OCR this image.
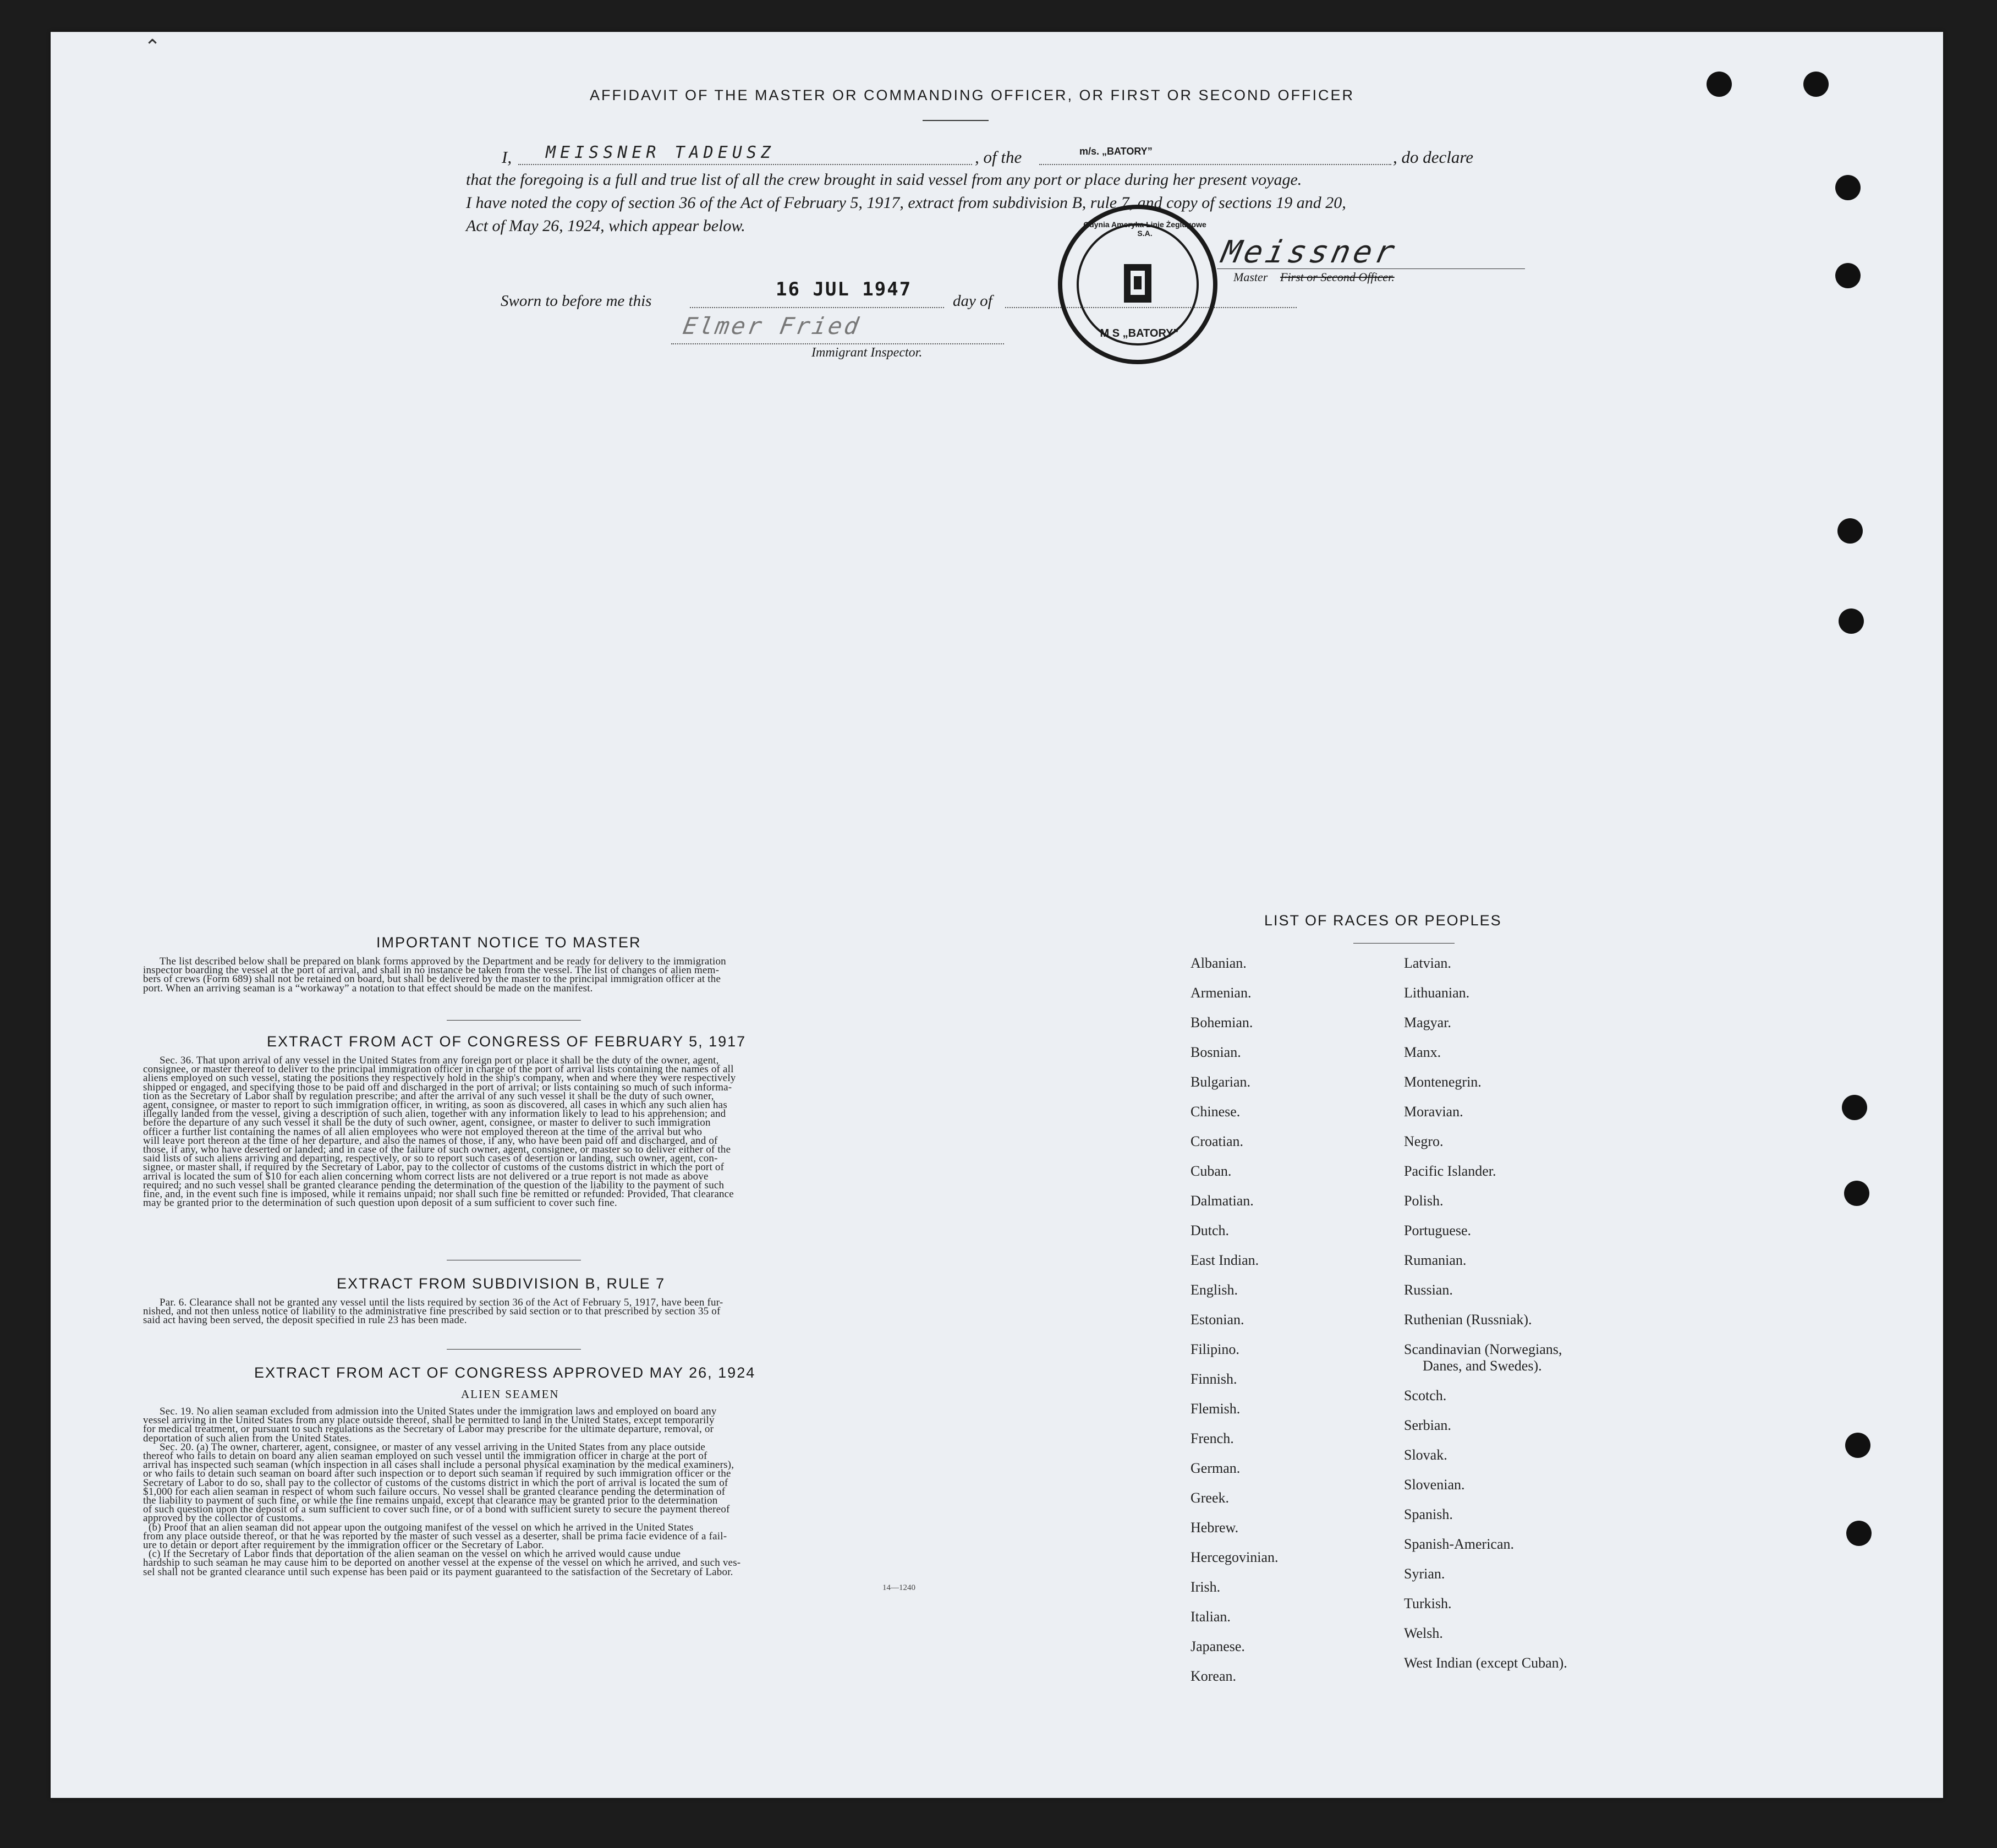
⌃
AFFIDAVIT OF THE MASTER OR COMMANDING OFFICER, OR FIRST OR SECOND OFFICER
I, MEISSNER TADEUSZ	, of the	m/s. „BATORY”	, do declare
that the foregoing is a full and true list of all the crew brought in said vessel from any port or place during her present voyage.
I have noted the copy of section 36 of the Act of February 5, 1917, extract from subdivision B, rule 7, and copy of sections 19 and 20,
Act of May 26, 1924, which appear below.
Meissner
Master First or Second Officer.
Sworn to before me this
16 JUL 1947
day of
Elmer Fried
Immigrant Inspector.
Gdynia Ameryka Linje Żeglugowe S.A.
M S „BATORY”
IMPORTANT NOTICE TO MASTER
The list described below shall be prepared on blank forms approved by the Department and be ready for delivery to the immigration
inspector boarding the vessel at the port of arrival, and shall in no instance be taken from the vessel. The list of changes of alien mem-
bers of crews (Form 689) shall not be retained on board, but shall be delivered by the master to the principal immigration officer at the
port. When an arriving seaman is a “workaway” a notation to that effect should be made on the manifest.
EXTRACT FROM ACT OF CONGRESS OF FEBRUARY 5, 1917
Sec. 36. That upon arrival of any vessel in the United States from any foreign port or place it shall be the duty of the owner, agent,
consignee, or master thereof to deliver to the principal immigration officer in charge of the port of arrival lists containing the names of all
aliens employed on such vessel, stating the positions they respectively hold in the ship's company, when and where they were respectively
shipped or engaged, and specifying those to be paid off and discharged in the port of arrival; or lists containing so much of such informa-
tion as the Secretary of Labor shall by regulation prescribe; and after the arrival of any such vessel it shall be the duty of such owner,
agent, consignee, or master to report to such immigration officer, in writing, as soon as discovered, all cases in which any such alien has
illegally landed from the vessel, giving a description of such alien, together with any information likely to lead to his apprehension; and
before the departure of any such vessel it shall be the duty of such owner, agent, consignee, or master to deliver to such immigration
officer a further list containing the names of all alien employees who were not employed thereon at the time of the arrival but who
will leave port thereon at the time of her departure, and also the names of those, if any, who have been paid off and discharged, and of
those, if any, who have deserted or landed; and in case of the failure of such owner, agent, consignee, or master so to deliver either of the
said lists of such aliens arriving and departing, respectively, or so to report such cases of desertion or landing, such owner, agent, con-
signee, or master shall, if required by the Secretary of Labor, pay to the collector of customs of the customs district in which the port of
arrival is located the sum of $10 for each alien concerning whom correct lists are not delivered or a true report is not made as above
required; and no such vessel shall be granted clearance pending the determination of the question of the liability to the payment of such
fine, and, in the event such fine is imposed, while it remains unpaid; nor shall such fine be remitted or refunded: Provided, That clearance
may be granted prior to the determination of such question upon deposit of a sum sufficient to cover such fine.
EXTRACT FROM SUBDIVISION B, RULE 7
Par. 6. Clearance shall not be granted any vessel until the lists required by section 36 of the Act of February 5, 1917, have been fur-
nished, and not then unless notice of liability to the administrative fine prescribed by said section or to that prescribed by section 35 of
said act having been served, the deposit specified in rule 23 has been made.
EXTRACT FROM ACT OF CONGRESS APPROVED MAY 26, 1924
ALIEN SEAMEN
Sec. 19. No alien seaman excluded from admission into the United States under the immigration laws and employed on board any
vessel arriving in the United States from any place outside thereof, shall be permitted to land in the United States, except temporarily
for medical treatment, or pursuant to such regulations as the Secretary of Labor may prescribe for the ultimate departure, removal, or
deportation of such alien from the United States.
Sec. 20. (a) The owner, charterer, agent, consignee, or master of any vessel arriving in the United States from any place outside
thereof who fails to detain on board any alien seaman employed on such vessel until the immigration officer in charge at the port of
arrival has inspected such seaman (which inspection in all cases shall include a personal physical examination by the medical examiners),
or who fails to detain such seaman on board after such inspection or to deport such seaman if required by such immigration officer or the
Secretary of Labor to do so, shall pay to the collector of customs of the customs district in which the port of arrival is located the sum of
$1,000 for each alien seaman in respect of whom such failure occurs. No vessel shall be granted clearance pending the determination of
the liability to payment of such fine, or while the fine remains unpaid, except that clearance may be granted prior to the determination
of such question upon the deposit of a sum sufficient to cover such fine, or of a bond with sufficient surety to secure the payment thereof
approved by the collector of customs.
(b) Proof that an alien seaman did not appear upon the outgoing manifest of the vessel on which he arrived in the United States
from any place outside thereof, or that he was reported by the master of such vessel as a deserter, shall be prima facie evidence of a fail-
ure to detain or deport after requirement by the immigration officer or the Secretary of Labor.
(c) If the Secretary of Labor finds that deportation of the alien seaman on the vessel on which he arrived would cause undue
hardship to such seaman he may cause him to be deported on another vessel at the expense of the vessel on which he arrived, and such ves-
sel shall not be granted clearance until such expense has been paid or its payment guaranteed to the satisfaction of the Secretary of Labor.
14—1240
LIST OF RACES OR PEOPLES
Albanian.
Armenian.
Bohemian.
Bosnian.
Bulgarian.
Chinese.
Croatian.
Cuban.
Dalmatian.
Dutch.
East Indian.
English.
Estonian.
Filipino.
Finnish.
Flemish.
French.
German.
Greek.
Hebrew.
Hercegovinian.
Irish.
Italian.
Japanese.
Korean.
Latvian.
Lithuanian.
Magyar.
Manx.
Montenegrin.
Moravian.
Negro.
Pacific Islander.
Polish.
Portuguese.
Rumanian.
Russian.
Ruthenian (Russniak).
Scandinavian (Norwegians,
Danes, and Swedes).
Scotch.
Serbian.
Slovak.
Slovenian.
Spanish.
Spanish-American.
Syrian.
Turkish.
Welsh.
West Indian (except Cuban).
